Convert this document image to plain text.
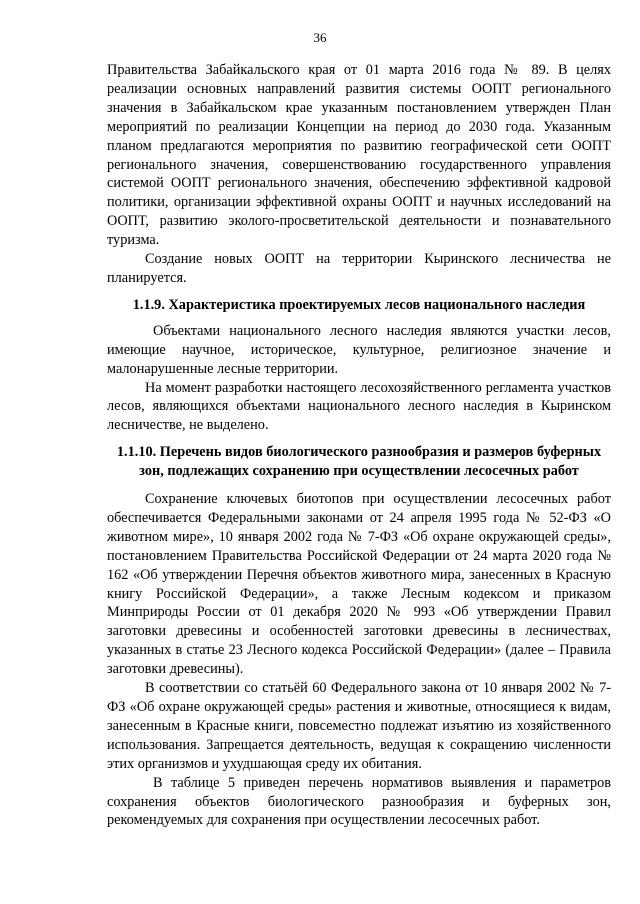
36

Правительства Забайкальского края от 01 марта 2016 года № 89. В целях реализации основных направлений развития системы ООПТ регионального значения в Забайкальском крае указанным постановлением утвержден План мероприятий по реализации Концепции на период до 2030 года. Указанным планом предлагаются мероприятия по развитию географической сети ООПТ регионального значения, совершенствованию государственного управления системой ООПТ регионального значения, обеспечению эффективной кадровой политики, организации эффективной охраны ООПТ и научных исследований на ООПТ, развитию эколого-просветительской деятельности и познавательного туризма.

Создание новых ООПТ на территории Кыринского лесничества не планируется.

1.1.9. Характеристика проектируемых лесов национального наследия

Объектами национального лесного наследия являются участки лесов, имеющие научное, историческое, культурное, религиозное значение и малонарушенные лесные территории.

На момент разработки настоящего лесохозяйственного регламента участков лесов, являющихся объектами национального лесного наследия в Кыринском лесничестве, не выделено.

1.1.10. Перечень видов биологического разнообразия и размеров буферных зон, подлежащих сохранению при осуществлении лесосечных работ

Сохранение ключевых биотопов при осуществлении лесосечных работ обеспечивается Федеральными законами от 24 апреля 1995 года № 52-ФЗ «О животном мире», 10 января 2002 года № 7-ФЗ «Об охране окружающей среды», постановлением Правительства Российской Федерации от 24 марта 2020 года № 162 «Об утверждении Перечня объектов животного мира, занесенных в Красную книгу Российской Федерации», а также Лесным кодексом и приказом Минприроды России от 01 декабря 2020 № 993 «Об утверждении Правил заготовки древесины и особенностей заготовки древесины в лесничествах, указанных в статье 23 Лесного кодекса Российской Федерации» (далее – Правила заготовки древесины).

В соответствии со статьёй 60 Федерального закона от 10 января 2002 № 7-ФЗ «Об охране окружающей среды» растения и животные, относящиеся к видам, занесенным в Красные книги, повсеместно подлежат изъятию из хозяйственного использования. Запрещается деятельность, ведущая к сокращению численности этих организмов и ухудшающая среду их обитания.

В таблице 5 приведен перечень нормативов выявления и параметров сохранения объектов биологического разнообразия и буферных зон, рекомендуемых для сохранения при осуществлении лесосечных работ.
